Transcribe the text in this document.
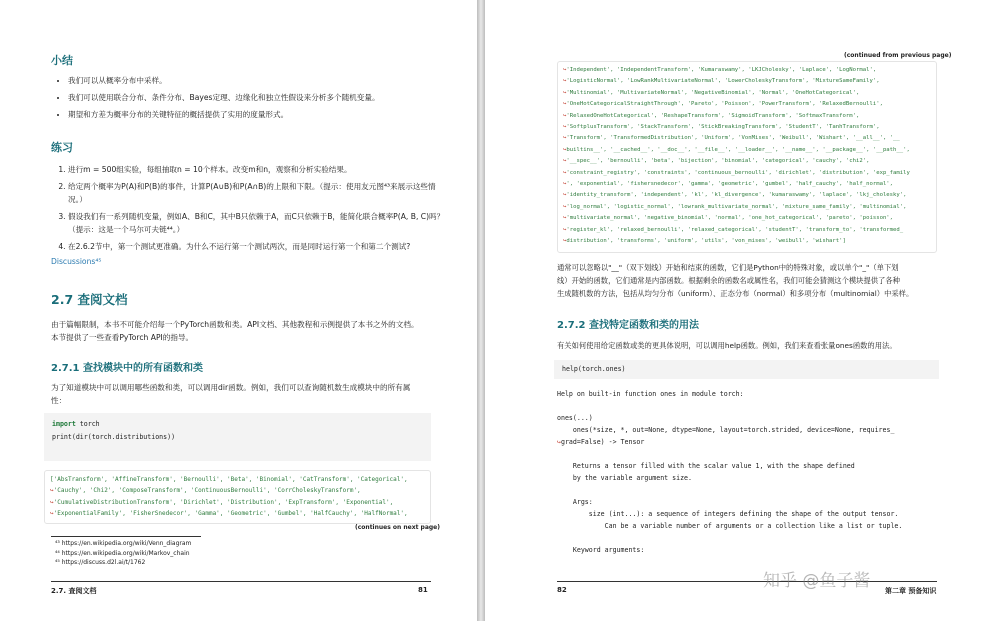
小结
• 我们可以从概率分布中采样。
• 我们可以使用联合分布、条件分布、Bayes定理、边缘化和独立性假设来分析多个随机变量。
• 期望和方差为概率分布的关键特征的概括提供了实用的度量形式。
练习
1. 进行m = 500组实验，每组抽取n = 10个样本。改变m和n，观察和分析实验结果。
2. 给定两个概率为P(A)和P(B)的事件，计算P(A∪B)和P(A∩B)的上限和下限。（提示：使用友元图⁴³来展示这些情况。）
3. 假设我们有一系列随机变量，例如A、B和C，其中B只依赖于A，而C只依赖于B，能简化联合概率P(A, B, C)吗？（提示：这是一个马尔可夫链⁴⁴。）
4. 在2.6.2节中，第一个测试更准确。为什么不运行第一个测试两次，而是同时运行第一个和第二个测试?
Discussions⁴⁵
2.7 查阅文档
由于篇幅限制，本书不可能介绍每一个PyTorch函数和类。API文档、其他教程和示例提供了本书之外的文档。
本节提供了一些查看PyTorch API的指导。
2.7.1 查找模块中的所有函数和类
为了知道模块中可以调用哪些函数和类，可以调用dir函数。例如，我们可以查询随机数生成模块中的所有属
性：
import torch
print(dir(torch.distributions))
['AbsTransform', 'AffineTransform', 'Bernoulli', 'Beta', 'Binomial', 'CatTransform', 'Categorical',
↪'Cauchy', 'Chi2', 'ComposeTransform', 'ContinuousBernoulli', 'CorrCholeskyTransform',
↪'CumulativeDistributionTransform', 'Dirichlet', 'Distribution', 'ExpTransform', 'Exponential',
↪'ExponentialFamily', 'FisherSnedecor', 'Gamma', 'Geometric', 'Gumbel', 'HalfCauchy', 'HalfNormal',
(continues on next page)
⁴³ https://en.wikipedia.org/wiki/Venn_diagram
⁴⁴ https://en.wikipedia.org/wiki/Markov_chain
⁴⁵ https://discuss.d2l.ai/t/1762
2.7. 查阅文档	81
(continued from previous page)
↪'Independent', 'IndependentTransform', 'Kumaraswamy', 'LKJCholesky', 'Laplace', 'LogNormal',
↪'LogisticNormal', 'LowRankMultivariateNormal', 'LowerCholeskyTransform', 'MixtureSameFamily',
↪'Multinomial', 'MultivariateNormal', 'NegativeBinomial', 'Normal', 'OneHotCategorical',
↪'OneHotCategoricalStraightThrough', 'Pareto', 'Poisson', 'PowerTransform', 'RelaxedBernoulli',
↪'RelaxedOneHotCategorical', 'ReshapeTransform', 'SigmoidTransform', 'SoftmaxTransform',
↪'SoftplusTransform', 'StackTransform', 'StickBreakingTransform', 'StudentT', 'TanhTransform',
↪'Transform', 'TransformedDistribution', 'Uniform', 'VonMises', 'Weibull', 'Wishart', '__all__', '__
↪builtins__', '__cached__', '__doc__', '__file__', '__loader__', '__name__', '__package__', '__path__',
↪'__spec__', 'bernoulli', 'beta', 'bijection', 'binomial', 'categorical', 'cauchy', 'chi2',
↪'constraint_registry', 'constraints', 'continuous_bernoulli', 'dirichlet', 'distribution', 'exp_family
↪', 'exponential', 'fishersnedecor', 'gamma', 'geometric', 'gumbel', 'half_cauchy', 'half_normal',
↪'identity_transform', 'independent', 'kl', 'kl_divergence', 'kumaraswamy', 'laplace', 'lkj_cholesky',
↪'log_normal', 'logistic_normal', 'lowrank_multivariate_normal', 'mixture_same_family', 'multinomial',
↪'multivariate_normal', 'negative_binomial', 'normal', 'one_hot_categorical', 'pareto', 'poisson',
↪'register_kl', 'relaxed_bernoulli', 'relaxed_categorical', 'studentT', 'transform_to', 'transformed_
↪distribution', 'transforms', 'uniform', 'utils', 'von_mises', 'weibull', 'wishart']
通常可以忽略以"__"（双下划线）开始和结束的函数，它们是Python中的特殊对象，或以单个"_"（单下划
线）开始的函数，它们通常是内部函数。根据剩余的函数名或属性名，我们可能会猜测这个模块提供了各种
生成随机数的方法，包括从均匀分布（uniform）、正态分布（normal）和多项分布（multinomial）中采样。
2.7.2 查找特定函数和类的用法
有关如何使用给定函数或类的更具体说明，可以调用help函数。例如，我们来查看张量ones函数的用法。
help(torch.ones)
Help on built-in function ones in module torch:

ones(...)
ones(*size, *, out=None, dtype=None, layout=torch.strided, device=None, requires_
↪grad=False) -> Tensor

Returns a tensor filled with the scalar value 1, with the shape defined
by the variable argument size.

Args:
size (int...): a sequence of integers defining the shape of the output tensor.
Can be a variable number of arguments or a collection like a list or tuple.

Keyword arguments:
82	第二章 预备知识
知乎 @鱼子酱
